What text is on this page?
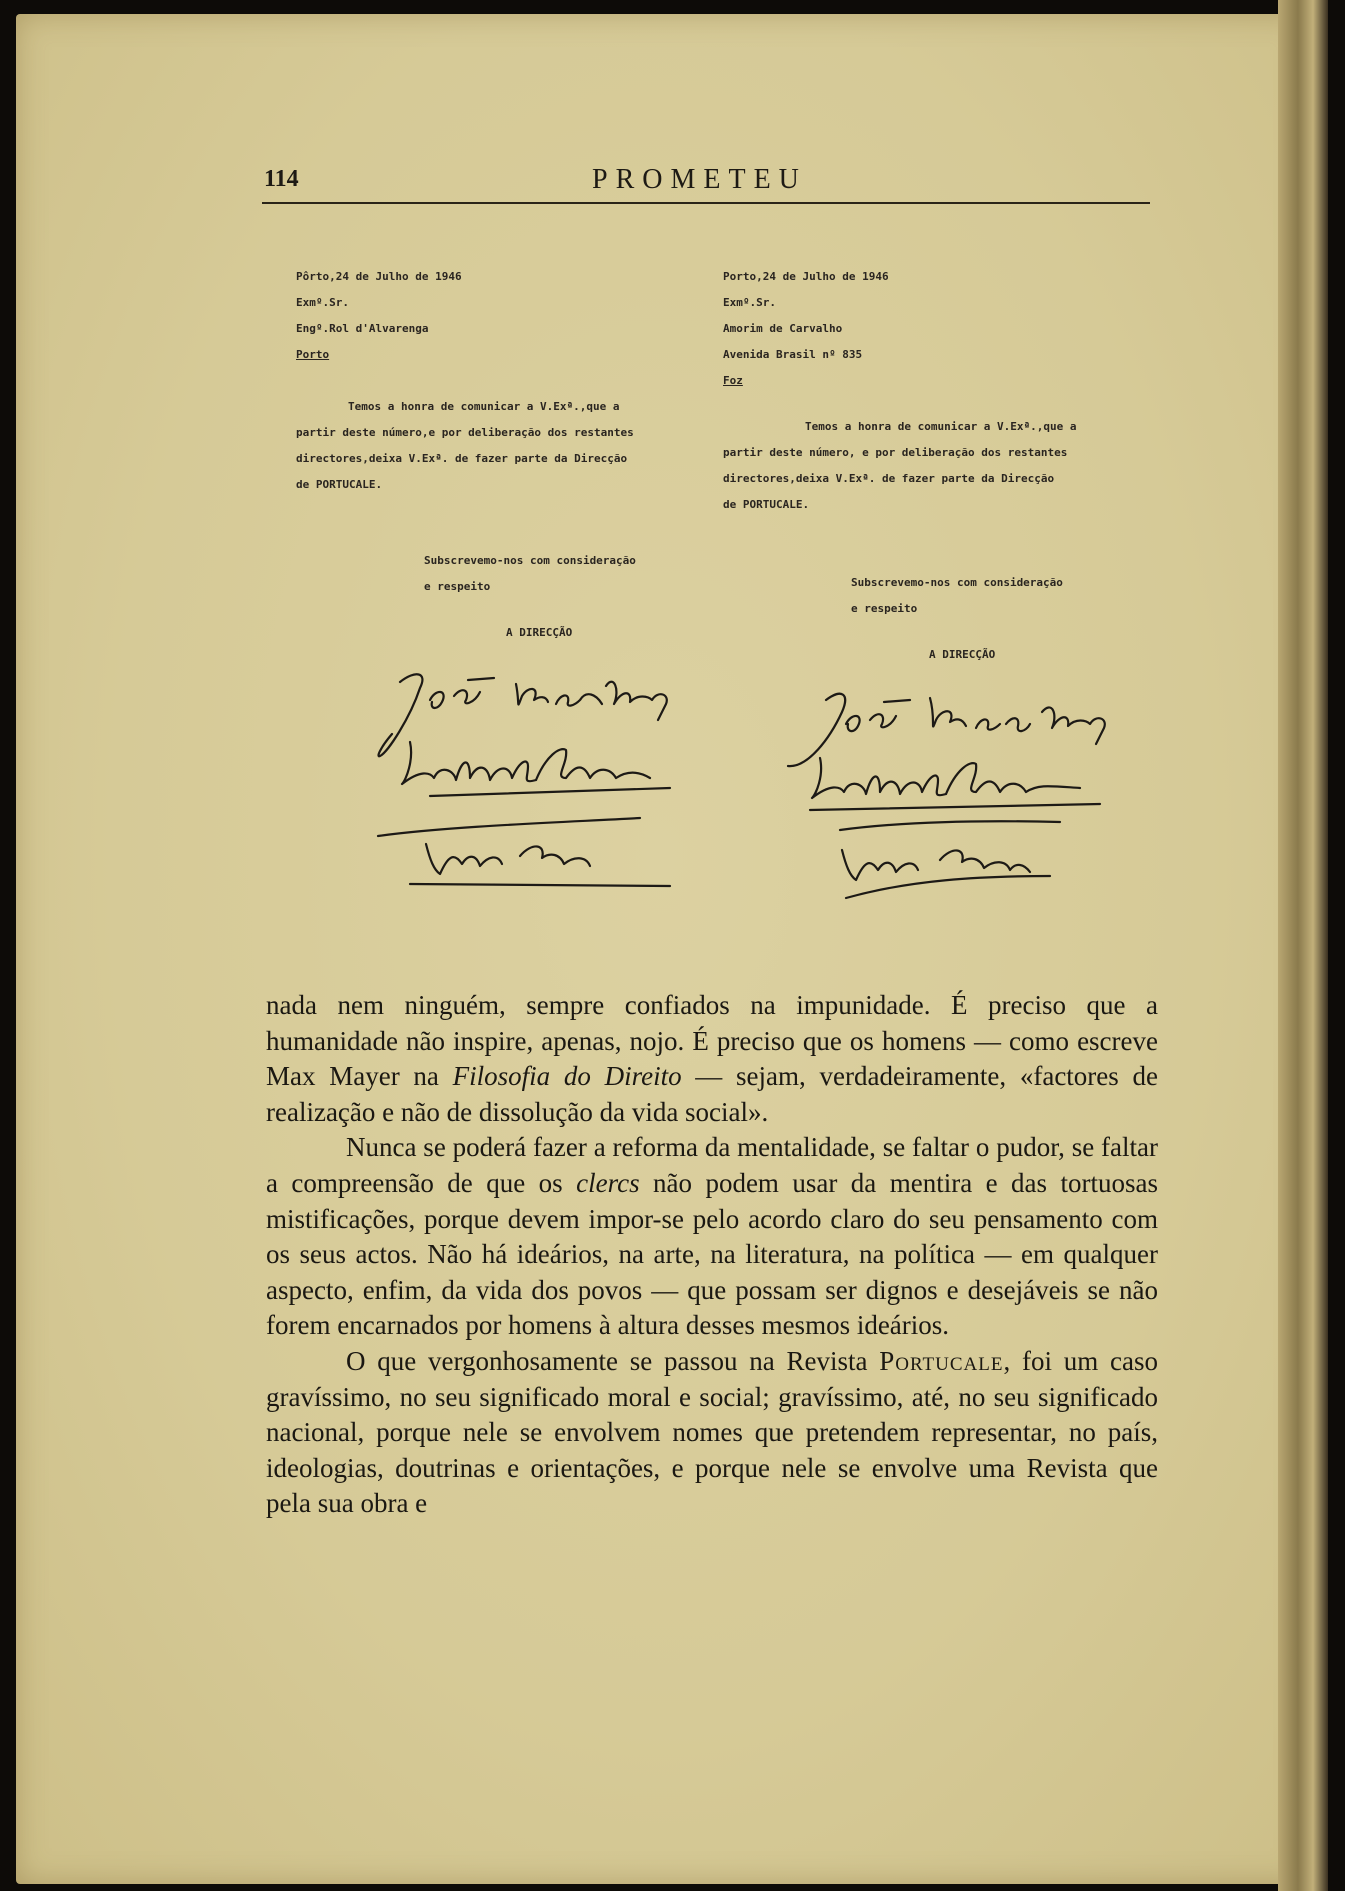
114	PROMETEU
Pôrto,24 de Julho de 1946
Exmº.Sr.
Engº.Rol d'Alvarenga
Porto
Temos a honra de comunicar a V.Exª.,que a
partir deste número,e por deliberação dos restantes
directores,deixa V.Exª. de fazer parte da Direcção
de PORTUCALE.
Subscrevemo-nos com consideração
e respeito
A DIRECÇÃO
Porto,24 de Julho de 1946
Exmº.Sr.
Amorim de Carvalho
Avenida Brasil nº 835
Foz
Temos a honra de comunicar a V.Exª.,que a
partir deste número, e por deliberação dos restantes
directores,deixa V.Exª. de fazer parte da Direcção
de PORTUCALE.
Subscrevemo-nos com consideração
e respeito
A DIRECÇÃO

nada nem ninguém, sempre confiados na impunidade. É preciso que a humanidade não inspire, apenas, nojo. É preciso que os homens — como escreve Max Mayer na Filosofia do Direito — sejam, verdadeiramente, «factores de realização e não de dissolução da vida social».

Nunca se poderá fazer a reforma da mentalidade, se faltar o pudor, se faltar a compreensão de que os clercs não podem usar da mentira e das tortuosas mistificações, porque devem impor-se pelo acordo claro do seu pensamento com os seus actos. Não há ideários, na arte, na literatura, na política — em qualquer aspecto, enfim, da vida dos povos — que possam ser dignos e desejáveis se não forem encarnados por homens à altura desses mesmos ideários.

O que vergonhosamente se passou na Revista Portucale, foi um caso gravíssimo, no seu significado moral e social; gravíssimo, até, no seu significado nacional, porque nele se envolvem nomes que pretendem representar, no país, ideologias, doutrinas e orientações, e porque nele se envolve uma Revista que pela sua obra e
